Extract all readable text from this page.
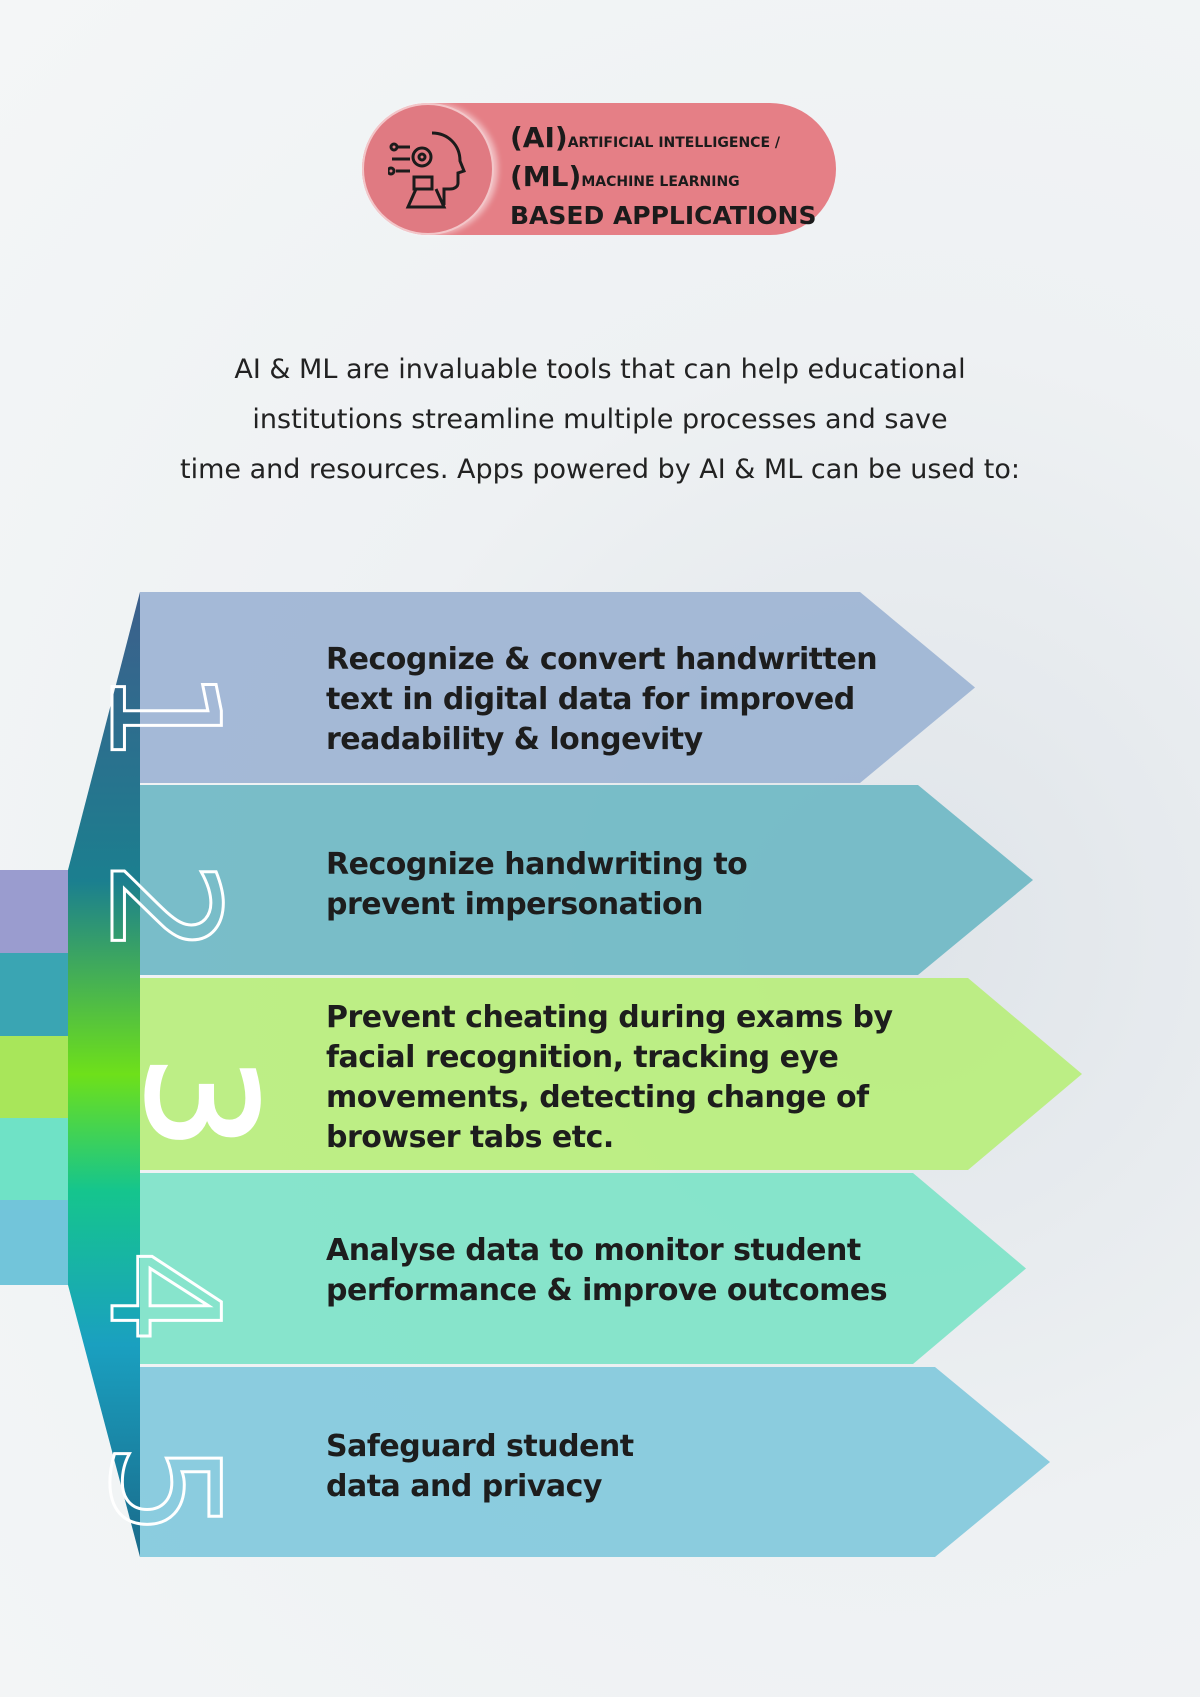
(AI)ARTIFICIAL INTELLIGENCE /
(ML)MACHINE LEARNING
BASED APPLICATIONS
AI & ML are invaluable tools that can help educational
institutions streamline multiple processes and save
time and resources. Apps powered by AI & ML can be used to:
1
2
3
4
5
Recognize & convert handwritten
text in digital data for improved
readability & longevity
Recognize handwriting to
prevent impersonation
Prevent cheating during exams by
facial recognition, tracking eye
movements, detecting change of
browser tabs etc.
Analyse data to monitor student
performance & improve outcomes
Safeguard student
data and privacy
